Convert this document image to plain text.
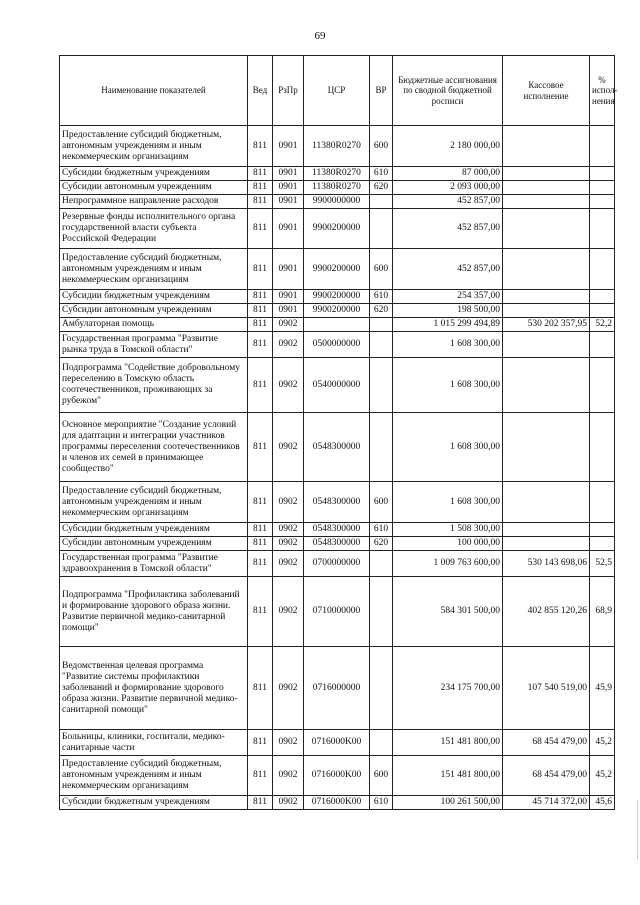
69
Наименование показателей	Вед	РзПр	ЦСР	ВР	Бюджетные ассигнования по сводной бюджетной росписи	Кассовое исполнение	% испол-нения
Предоставление субсидий бюджетным, автономным учреждениям и иным некоммерческим организациям	811	0901	11380R0270	600	2 180 000,00		
Субсидии бюджетным учреждениям	811	0901	11380R0270	610	87 000,00		
Субсидии автономным учреждениям	811	0901	11380R0270	620	2 093 000,00		
Непрограммное направление расходов	811	0901	9900000000		452 857,00		
Резервные фонды исполнительного органа государственной власти субъекта Российской Федерации	811	0901	9900200000		452 857,00		
Предоставление субсидий бюджетным, автономным учреждениям и иным некоммерческим организациям	811	0901	9900200000	600	452 857,00		
Субсидии бюджетным учреждениям	811	0901	9900200000	610	254 357,00		
Субсидии автономным учреждениям	811	0901	9900200000	620	198 500,00		
Амбулаторная помощь	811	0902			1 015 299 494,89	530 202 357,95	52,2
Государственная программа "Развитие рынка труда в Томской области"	811	0902	0500000000		1 608 300,00		
Подпрограмма "Содействие добровольному переселению в Томскую область соотечественников, проживающих за рубежом"	811	0902	0540000000		1 608 300,00		
Основное мероприятие "Создание условий для адаптации и интеграции участников программы переселения соотечественников и членов их семей в принимающее сообщество"	811	0902	0548300000		1 608 300,00		
Предоставление субсидий бюджетным, автономным учреждениям и иным некоммерческим организациям	811	0902	0548300000	600	1 608 300,00		
Субсидии бюджетным учреждениям	811	0902	0548300000	610	1 508 300,00		
Субсидии автономным учреждениям	811	0902	0548300000	620	100 000,00		
Государственная программа "Развитие здравоохранения в Томской области"	811	0902	0700000000		1 009 763 600,00	530 143 698,06	52,5
Подпрограмма "Профилактика заболеваний и формирование здорового образа жизни. Развитие первичной медико-санитарной помощи"	811	0902	0710000000		584 301 500,00	402 855 120,26	68,9
Ведомственная целевая программа "Развитие системы профилактики заболеваний и формирование здорового образа жизни. Развитие первичной медико-санитарной помощи"	811	0902	0716000000		234 175 700,00	107 540 519,00	45,9
Больницы, клиники, госпитали, медико-санитарные части	811	0902	0716000K00		151 481 800,00	68 454 479,00	45,2
Предоставление субсидий бюджетным, автономным учреждениям и иным некоммерческим организациям	811	0902	0716000K00	600	151 481 800,00	68 454 479,00	45,2
Субсидии бюджетным учреждениям	811	0902	0716000K00	610	100 261 500,00	45 714 372,00	45,6
